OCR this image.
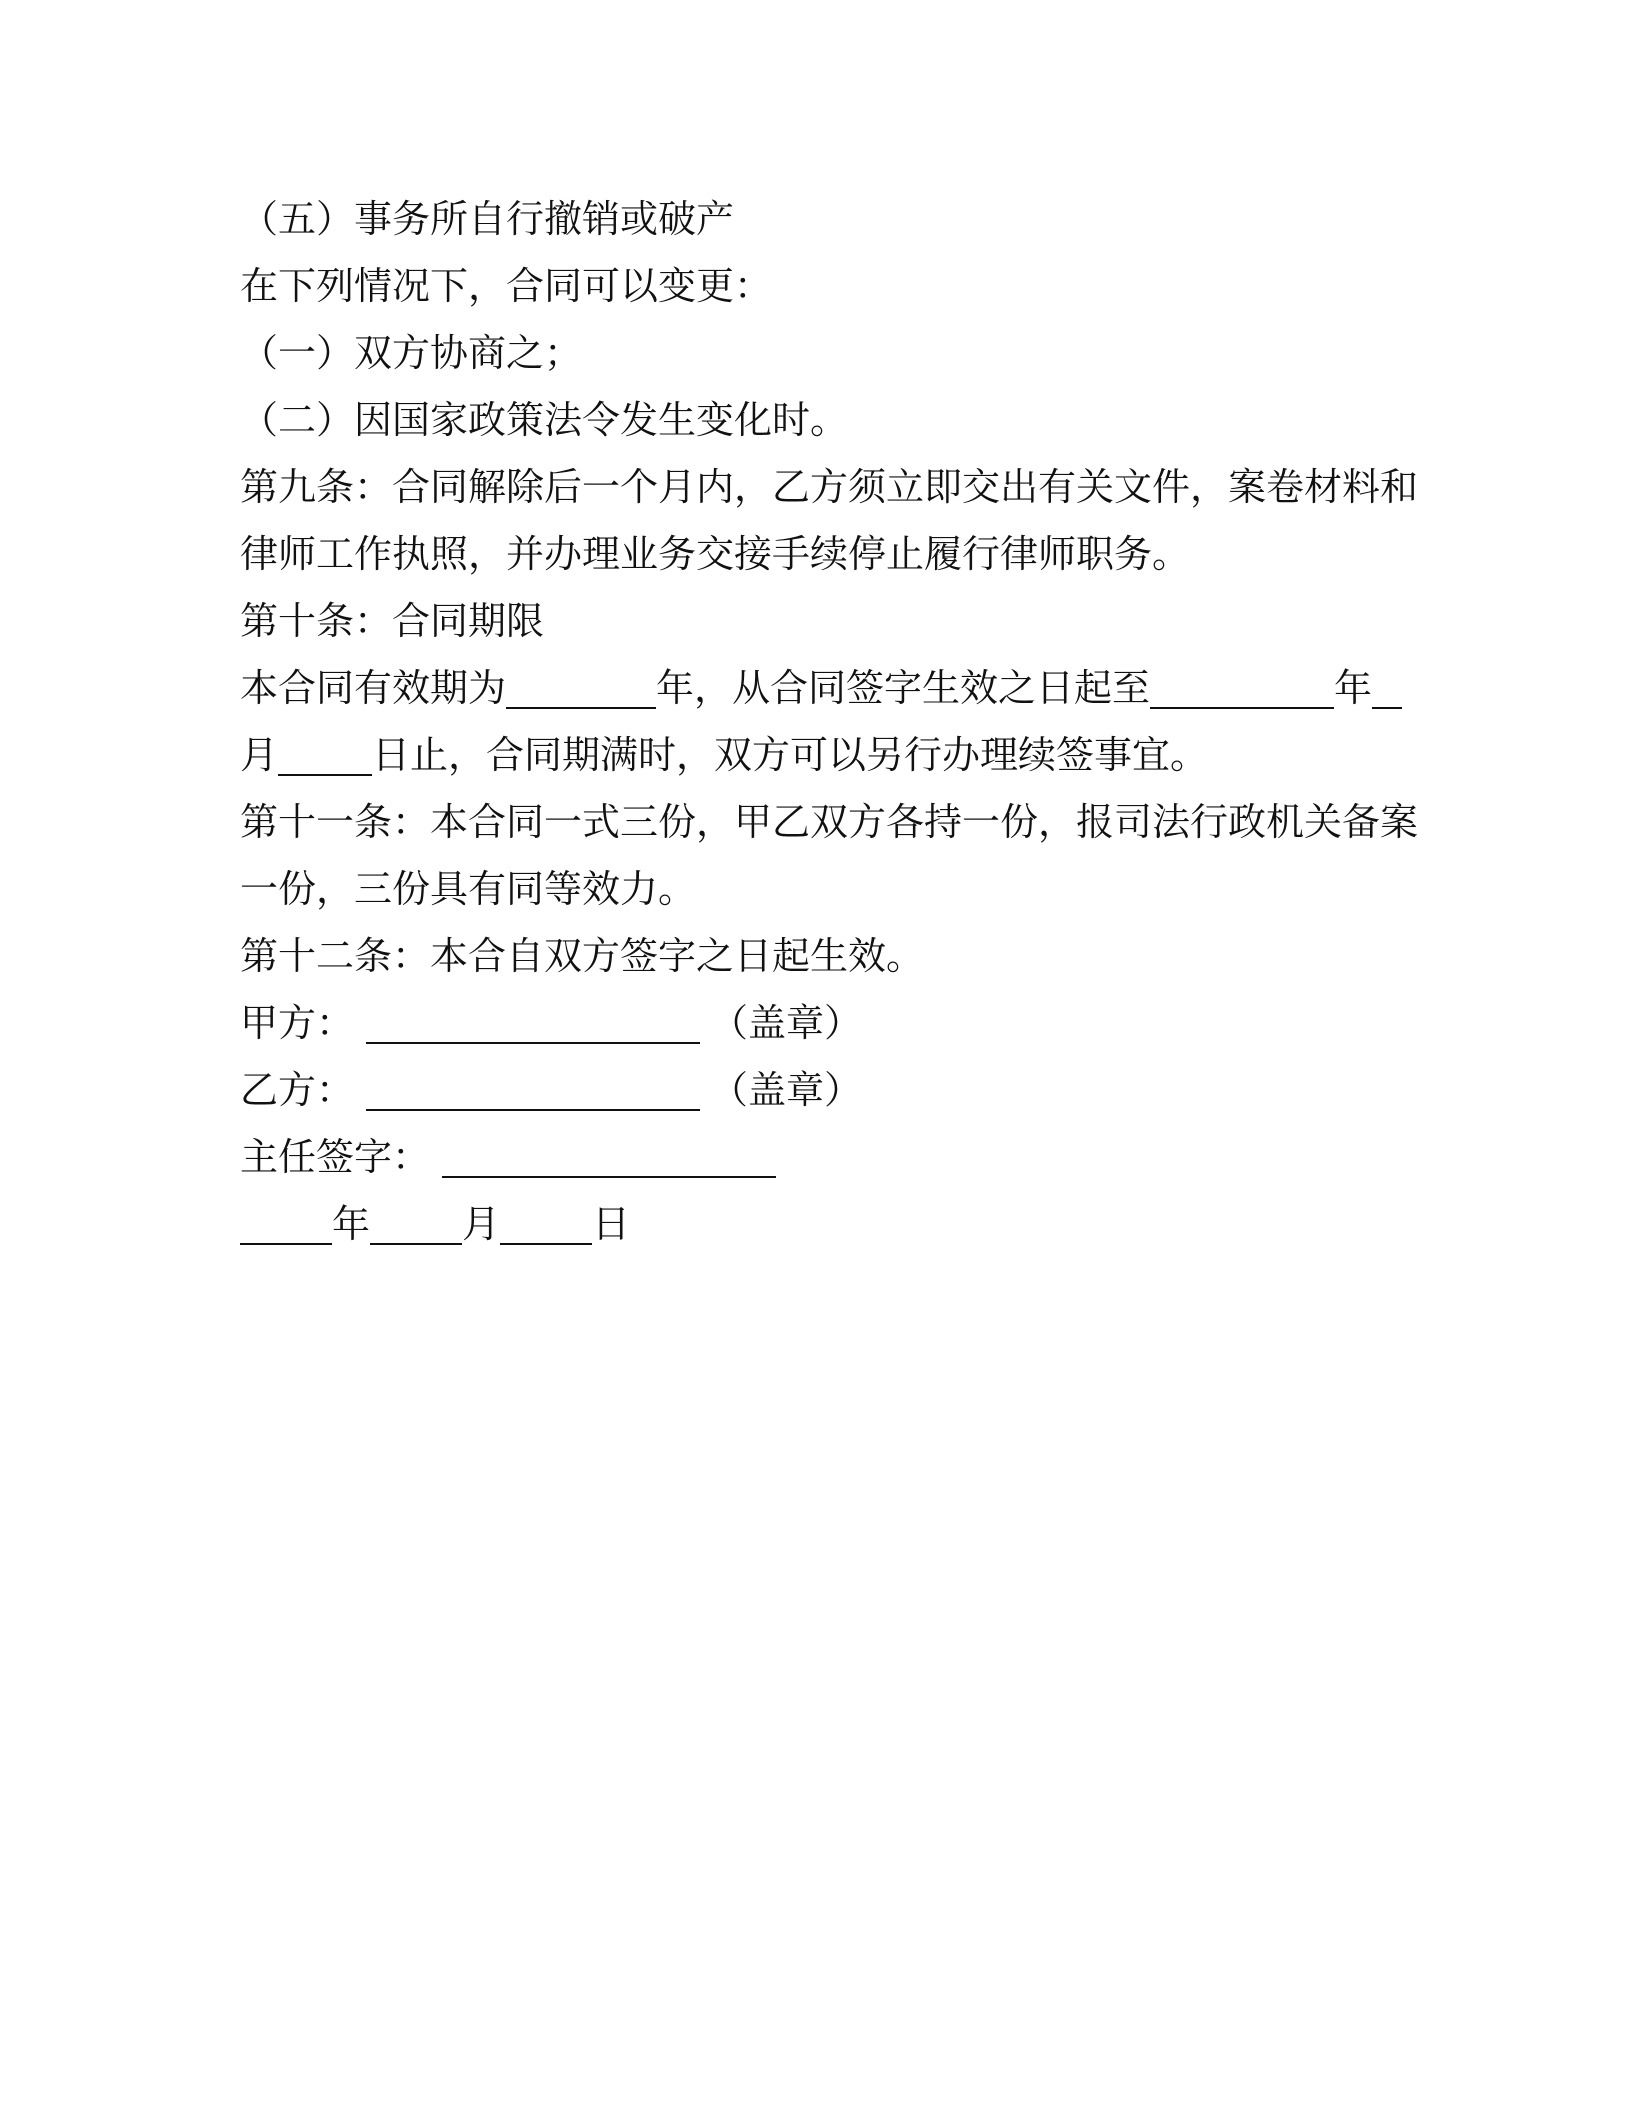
（五）事务所自行撤销或破产
在下列情况下，合同可以变更：
（一）双方协商之；
（二）因国家政策法令发生变化时。
第九条：合同解除后一个月内，乙方须立即交出有关文件，案卷材料和
律师工作执照，并办理业务交接手续停止履行律师职务。
第十条：合同期限
本合同有效期为	年，从合同签字生效之日起至	年
月 日止，合同期满时，双方可以另行办理续签事宜。
第十一条：本合同一式三份，甲乙双方各持一份，报司法行政机关备案
一份，三份具有同等效力。
第十二条：本合自双方签字之日起生效。
甲方：	（盖章）
乙方：	（盖章）
主任签字：
年 月 日
